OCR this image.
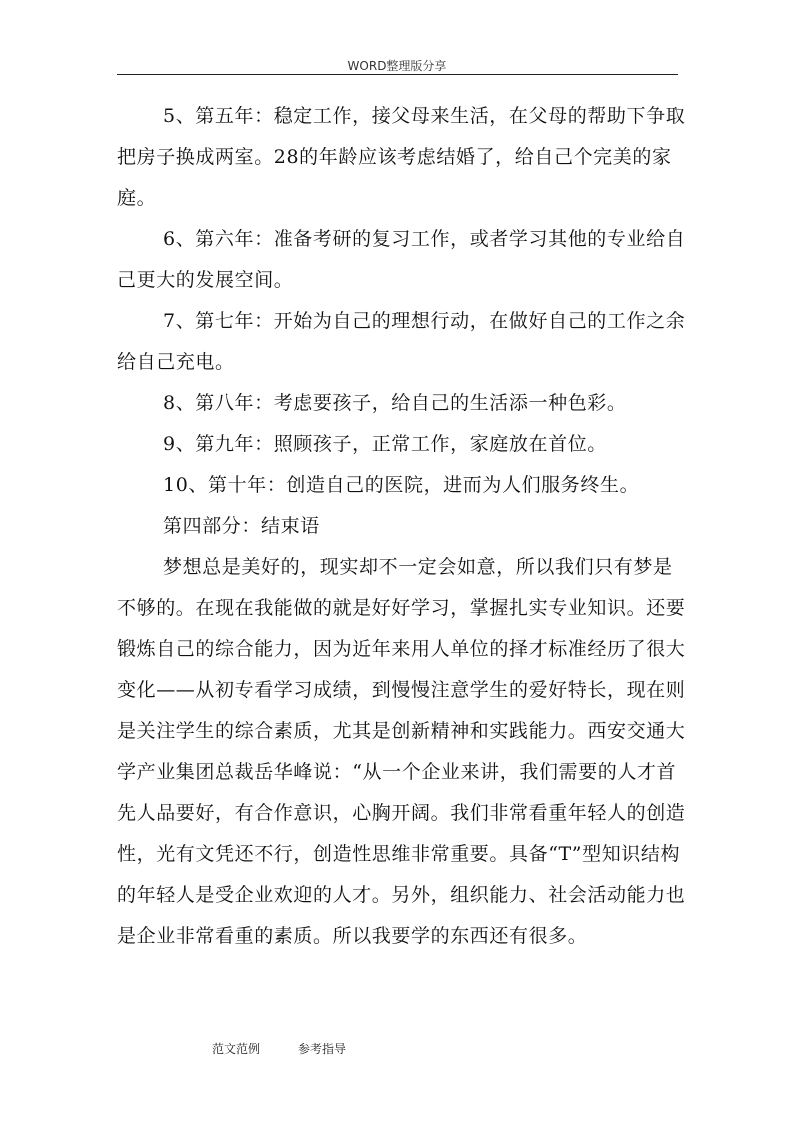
WORD整理版分享

5、第五年：稳定工作，接父母来生活，在父母的帮助下争取把房子换成两室。28的年龄应该考虑结婚了，给自己个完美的家庭。

6、第六年：准备考研的复习工作，或者学习其他的专业给自己更大的发展空间。

7、第七年：开始为自己的理想行动，在做好自己的工作之余给自己充电。

8、第八年：考虑要孩子，给自己的生活添一种色彩。

9、第九年：照顾孩子，正常工作，家庭放在首位。

10、第十年：创造自己的医院，进而为人们服务终生。

第四部分：结束语

梦想总是美好的，现实却不一定会如意，所以我们只有梦是不够的。在现在我能做的就是好好学习，掌握扎实专业知识。还要锻炼自己的综合能力，因为近年来用人单位的择才标准经历了很大变化——从初专看学习成绩，到慢慢注意学生的爱好特长，现在则是关注学生的综合素质，尤其是创新精神和实践能力。西安交通大学产业集团总裁岳华峰说：“从一个企业来讲，我们需要的人才首先人品要好，有合作意识，心胸开阔。我们非常看重年轻人的创造性，光有文凭还不行，创造性思维非常重要。具备“T”型知识结构的年轻人是受企业欢迎的人才。另外，组织能力、社会活动能力也是企业非常看重的素质。所以我要学的东西还有很多。

范文范例	参考指导
